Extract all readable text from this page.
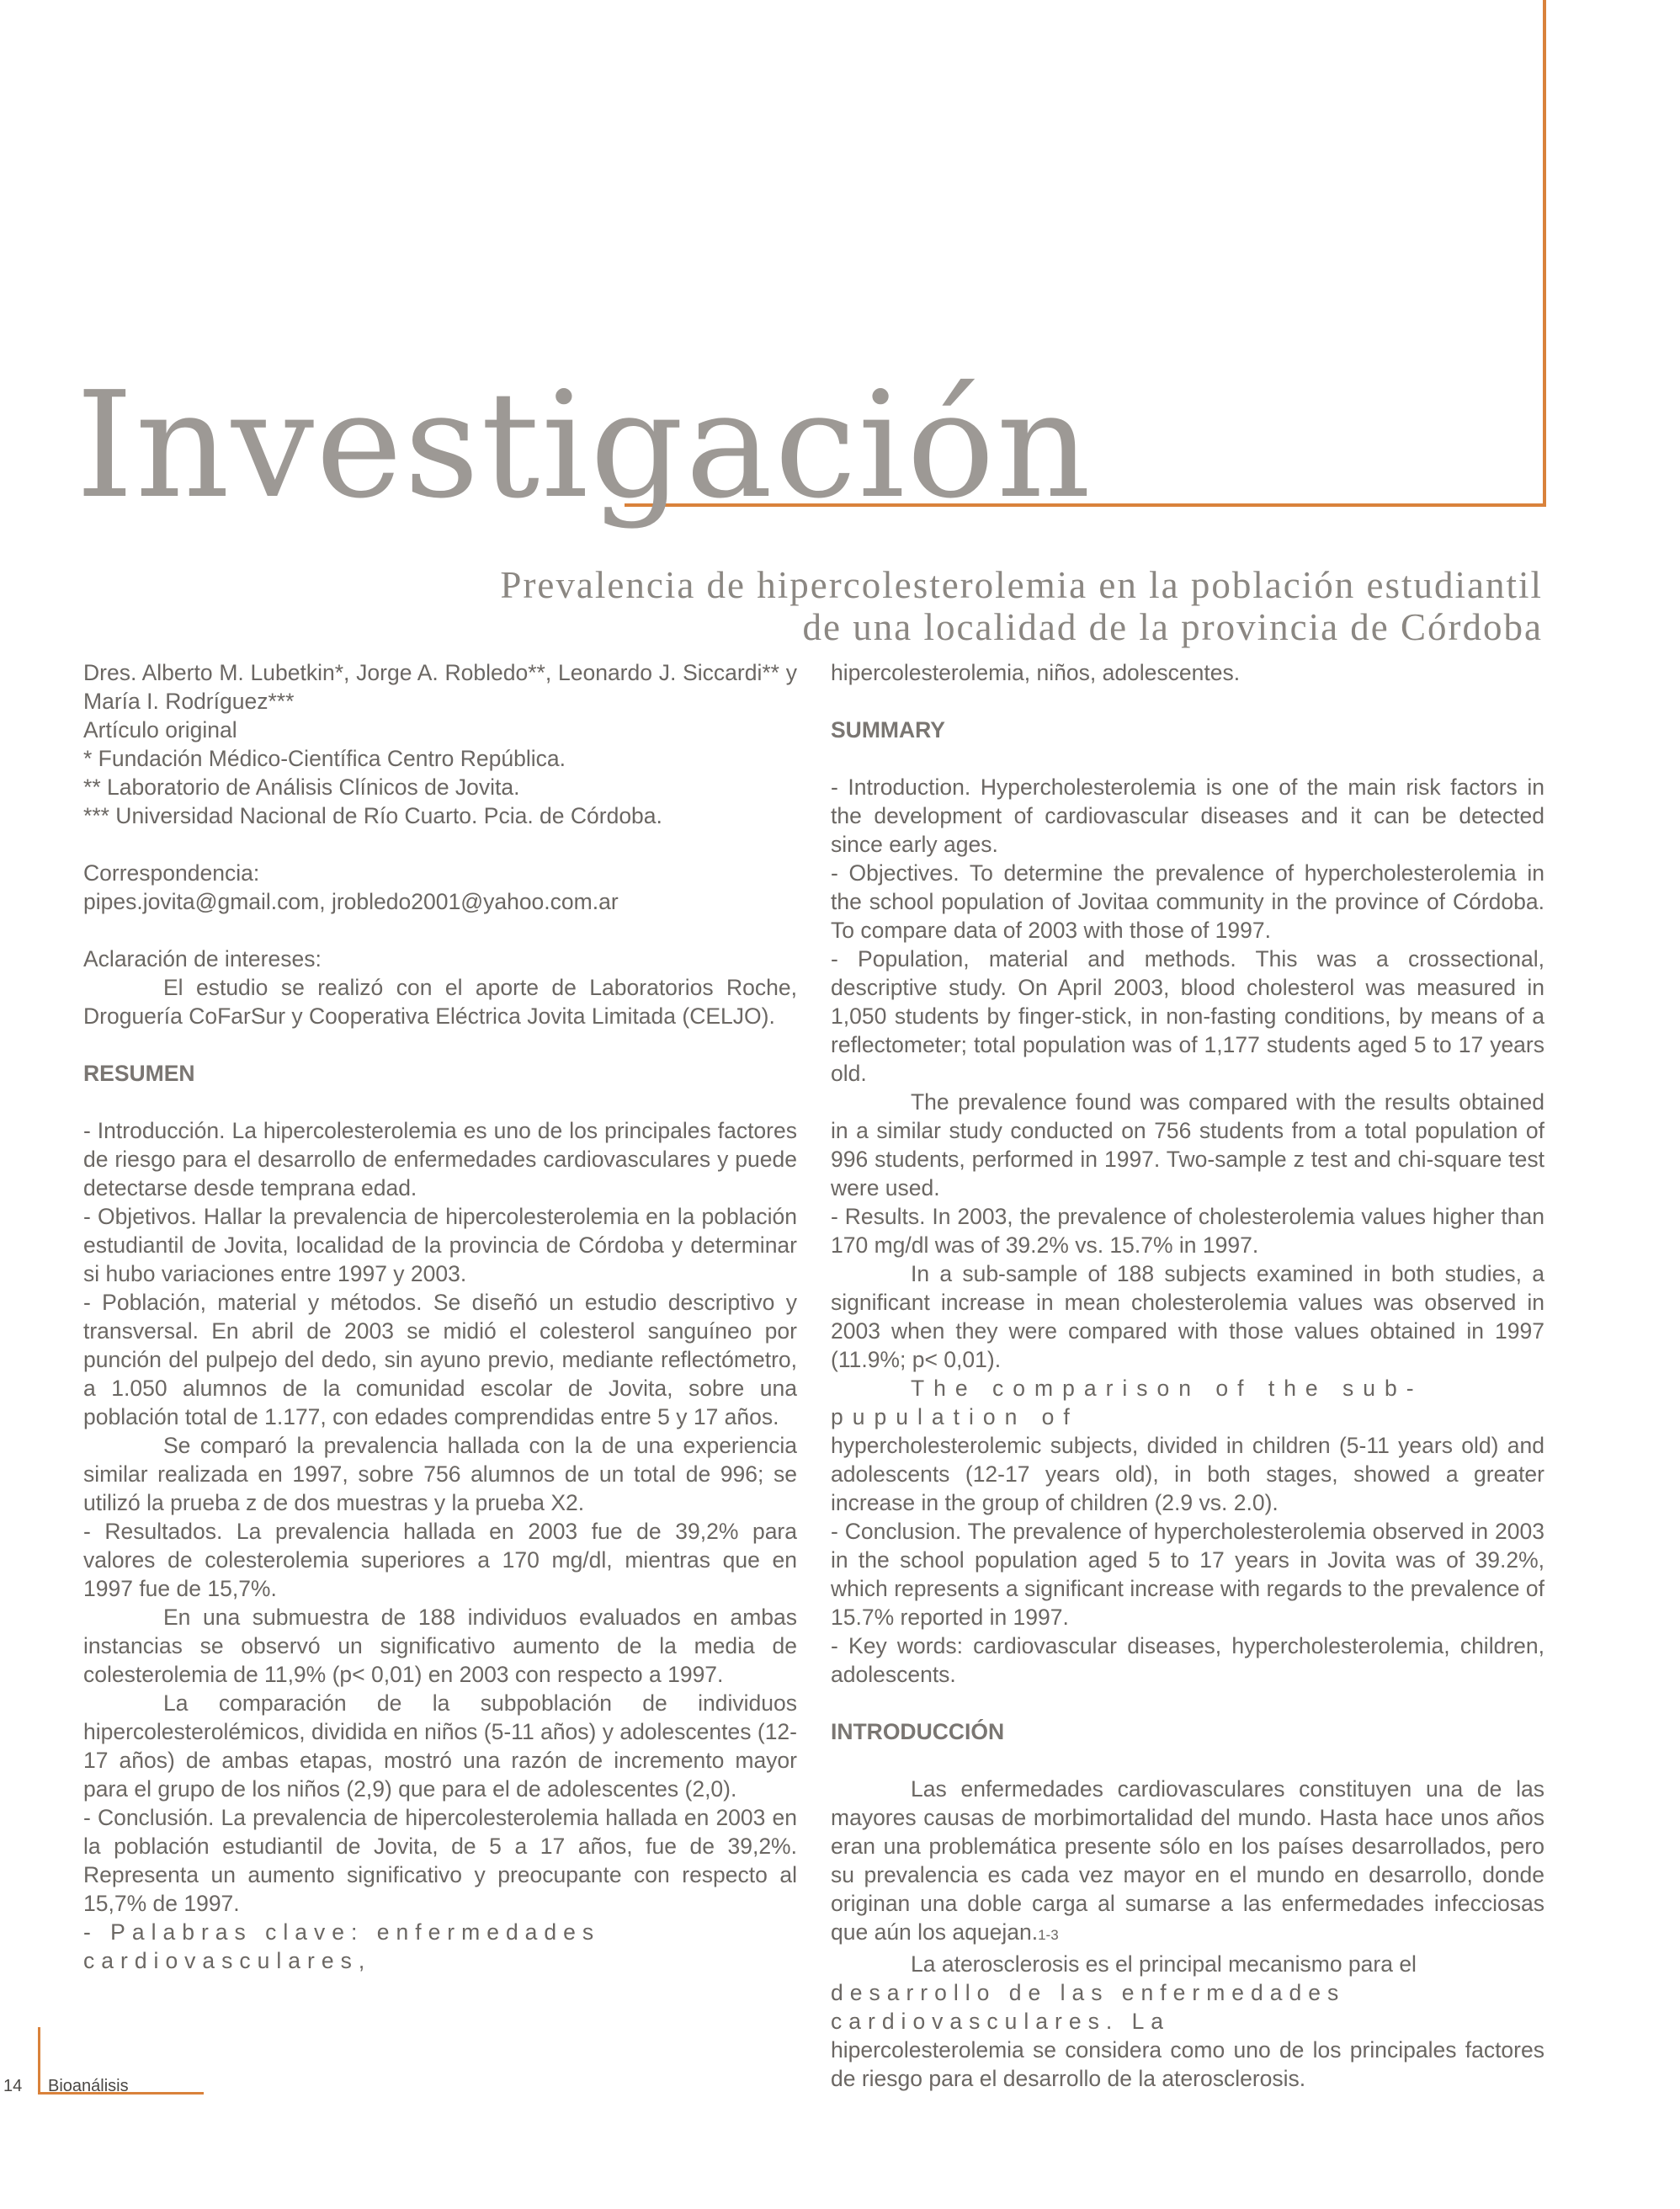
Investigación
Prevalencia de hipercolesterolemia en la población estudiantil
de una localidad de la provincia de Córdoba

Dres. Alberto M. Lubetkin*, Jorge A. Robledo**, Leonardo J. Siccardi** y María I. Rodríguez***

Artículo original

* Fundación Médico-Científica Centro República.

** Laboratorio de Análisis Clínicos de Jovita.

*** Universidad Nacional de Río Cuarto. Pcia. de Córdoba.

Correspondencia:

pipes.jovita@gmail.com, jrobledo2001@yahoo.com.ar

Aclaración de intereses:

El estudio se realizó con el aporte de Laboratorios Roche, Droguería CoFarSur y Cooperativa Eléctrica Jovita Limitada (CELJO).

RESUMEN

- Introducción. La hipercolesterolemia es uno de los principales factores de riesgo para el desarrollo de enfermedades cardiovasculares y puede detectarse desde temprana edad.

- Objetivos. Hallar la prevalencia de hipercolesterolemia en la población estudiantil de Jovita, localidad de la provincia de Córdoba y determinar si hubo variaciones entre 1997 y 2003.

- Población, material y métodos. Se diseñó un estudio descriptivo y transversal. En abril de 2003 se midió el colesterol sanguíneo por punción del pulpejo del dedo, sin ayuno previo, mediante reflectómetro, a 1.050 alumnos de la comunidad escolar de Jovita, sobre una población total de 1.177, con edades comprendidas entre 5 y 17 años.

Se comparó la prevalencia hallada con la de una experiencia similar realizada en 1997, sobre 756 alumnos de un total de 996; se utilizó la prueba z de dos muestras y la prueba X2.

- Resultados. La prevalencia hallada en 2003 fue de 39,2% para valores de colesterolemia superiores a 170 mg/dl, mientras que en 1997 fue de 15,7%.

En una submuestra de 188 individuos evaluados en ambas instancias se observó un significativo aumento de la media de colesterolemia de 11,9% (p< 0,01) en 2003 con respecto a 1997.

La comparación de la subpoblación de individuos hipercolesterolémicos, dividida en niños (5-11 años) y adolescentes (12-17 años) de ambas etapas, mostró una razón de incremento mayor para el grupo de los niños (2,9) que para el de adolescentes (2,0).

- Conclusión. La prevalencia de hipercolesterolemia hallada en 2003 en la población estudiantil de Jovita, de 5 a 17 años, fue de 39,2%. Representa un aumento significativo y preocupante con respecto al 15,7% de 1997.

- Palabras clave: enfermedades cardiovasculares,

hipercolesterolemia, niños, adolescentes.

SUMMARY

- Introduction. Hypercholesterolemia is one of the main risk factors in the development of cardiovascular diseases and it can be detected since early ages.

- Objectives. To determine the prevalence of hypercholesterolemia in the school population of Jovitaa community in the province of Córdoba. To compare data of 2003 with those of 1997.

- Population, material and methods. This was a crossectional, descriptive study. On April 2003, blood cholesterol was measured in 1,050 students by finger-stick, in non-fasting conditions, by means of a reflectometer; total population was of 1,177 students aged 5 to 17 years old.

The prevalence found was compared with the results obtained in a similar study conducted on 756 students from a total population of 996 students, performed in 1997. Two-sample z test and chi-square test were used.

- Results. In 2003, the prevalence of cholesterolemia values higher than 170 mg/dl was of 39.2% vs. 15.7% in 1997.

In a sub-sample of 188 subjects examined in both studies, a significant increase in mean cholesterolemia values was observed in 2003 when they were compared with those values obtained in 1997 (11.9%; p< 0,01).

The comparison of the sub-pupulation of

hypercholesterolemic subjects, divided in children (5-11 years old) and adolescents (12-17 years old), in both stages, showed a greater increase in the group of children (2.9 vs. 2.0).

- Conclusion. The prevalence of hypercholesterolemia observed in 2003 in the school population aged 5 to 17 years in Jovita was of 39.2%, which represents a significant increase with regards to the prevalence of 15.7% reported in 1997.

- Key words: cardiovascular diseases, hypercholesterolemia, children, adolescents.

INTRODUCCIÓN

Las enfermedades cardiovasculares constituyen una de las mayores causas de morbimortalidad del mundo. Hasta hace unos años eran una problemática presente sólo en los países desarrollados, pero su prevalencia es cada vez mayor en el mundo en desarrollo, donde originan una doble carga al sumarse a las enfermedades infecciosas que aún los aquejan.1-3

La aterosclerosis es el principal mecanismo para el

desarrollo de las enfermedades cardiovasculares. La

hipercolesterolemia se considera como uno de los principales factores de riesgo para el desarrollo de la aterosclerosis.

14 Bioanálisis
